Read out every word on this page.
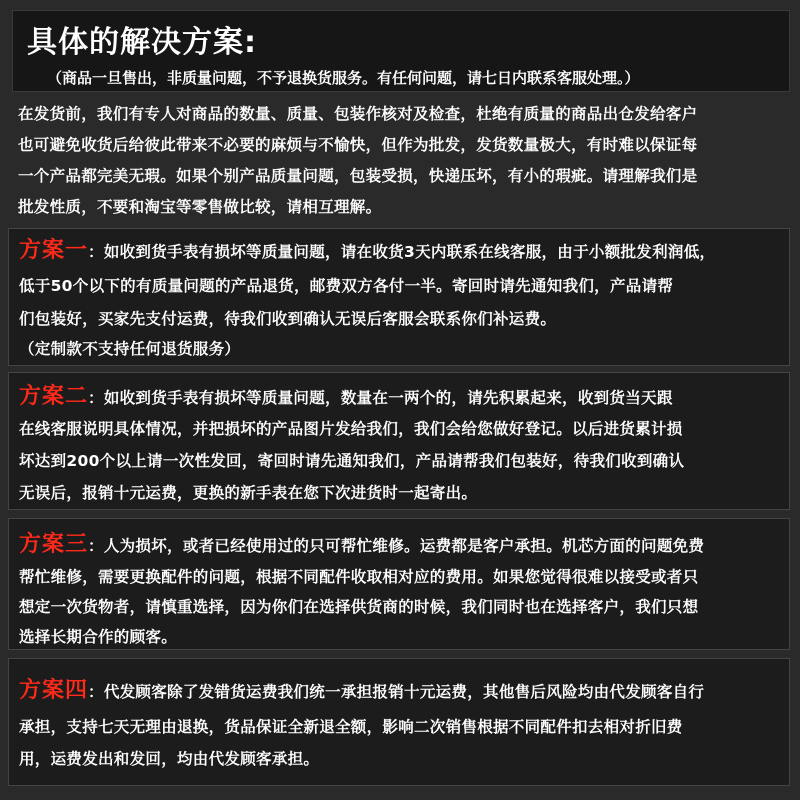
具体的解决方案:
（商品一旦售出，非质量问题，不予退换货服务。有任何问题，请七日内联系客服处理。）
在发货前，我们有专人对商品的数量、质量、包装作核对及检查，杜绝有质量的商品出仓发给客户
也可避免收货后给彼此带来不必要的麻烦与不愉快，但作为批发，发货数量极大，有时难以保证每
一个产品都完美无瑕。如果个别产品质量问题，包装受损，快递压坏，有小的瑕疵。请理解我们是
批发性质，不要和淘宝等零售做比较，请相互理解。
方案一：如收到货手表有损坏等质量问题，请在收货3天内联系在线客服，由于小额批发利润低，
低于50个以下的有质量问题的产品退货，邮费双方各付一半。寄回时请先通知我们，产品请帮
们包装好，买家先支付运费，待我们收到确认无误后客服会联系你们补运费。
（定制款不支持任何退货服务）
方案二：如收到货手表有损坏等质量问题，数量在一两个的，请先积累起来，收到货当天跟
在线客服说明具体情况，并把损坏的产品图片发给我们，我们会给您做好登记。以后进货累计损
坏达到200个以上请一次性发回，寄回时请先通知我们，产品请帮我们包装好，待我们收到确认
无误后，报销十元运费，更换的新手表在您下次进货时一起寄出。
方案三：人为损坏，或者已经使用过的只可帮忙维修。运费都是客户承担。机芯方面的问题免费
帮忙维修，需要更换配件的问题，根据不同配件收取相对应的费用。如果您觉得很难以接受或者只
想定一次货物者，请慎重选择，因为你们在选择供货商的时候，我们同时也在选择客户，我们只想
选择长期合作的顾客。
方案四：代发顾客除了发错货运费我们统一承担报销十元运费，其他售后风险均由代发顾客自行
承担，支持七天无理由退换，货品保证全新退全额，影响二次销售根据不同配件扣去相对折旧费
用，运费发出和发回，均由代发顾客承担。
